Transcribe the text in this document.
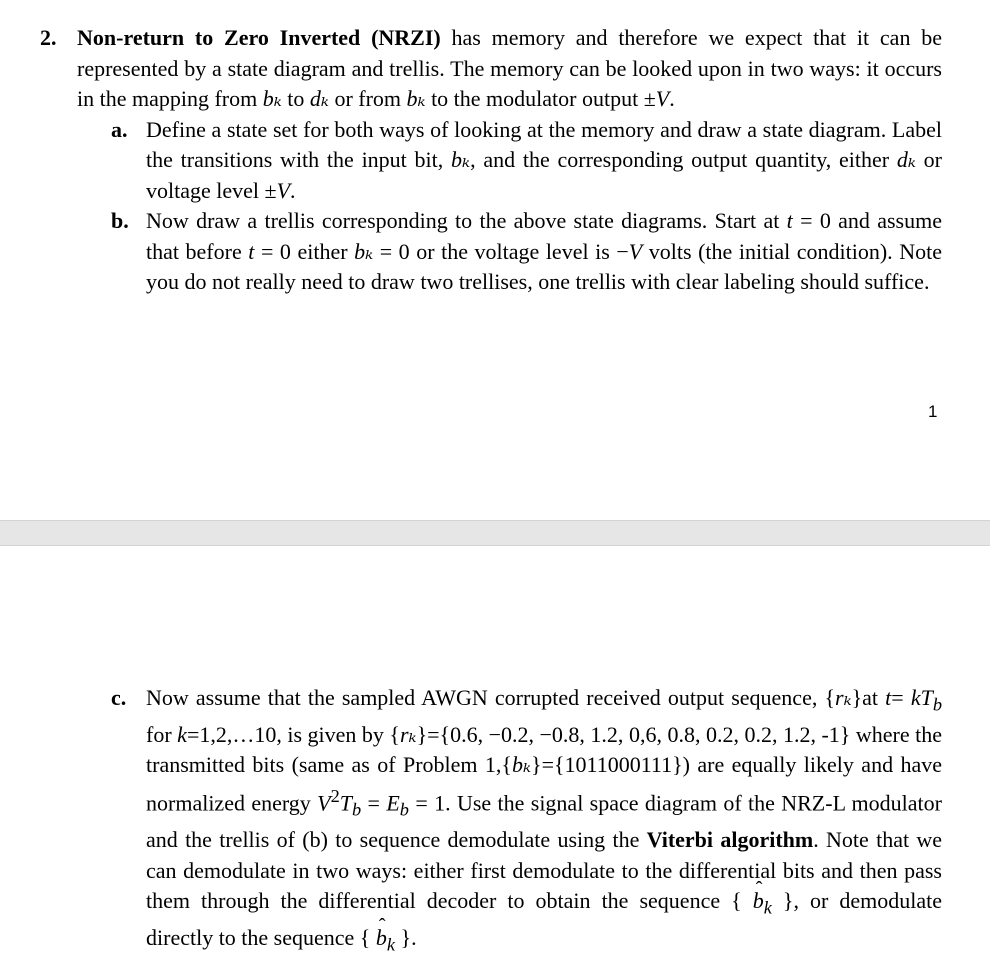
2. Non-return to Zero Inverted (NRZI) has memory and therefore we expect that it can be represented by a state diagram and trellis. The memory can be looked upon in two ways: it occurs in the mapping from bₖ to dₖ or from bₖ to the modulator output ±V.
a. Define a state set for both ways of looking at the memory and draw a state diagram. Label the transitions with the input bit, bₖ, and the corresponding output quantity, either dₖ or voltage level ±V.
b. Now draw a trellis corresponding to the above state diagrams. Start at t = 0 and assume that before t = 0 either bₖ = 0 or the voltage level is −V volts (the initial condition). Note you do not really need to draw two trellises, one trellis with clear labeling should suffice.
1
c. Now assume that the sampled AWGN corrupted received output sequence, {rₖ}at $t= kT_b$ for k=1,2,…10, is given by {rₖ}={0.6, −0.2, −0.8, 1.2, 0,6, 0.8, 0.2, 0.2, 1.2, -1} where the transmitted bits (same as of Problem 1,{bₖ}={1011000111}) are equally likely and have normalized energy $V^2T_b = E_b = 1$. Use the signal space diagram of the NRZ-L modulator and the trellis of (b) to sequence demodulate using the Viterbi algorithm. Note that we can demodulate in two ways: either first demodulate to the differential bits and then pass them through the differential decoder to obtain the sequence { ˆ $b_k$ }, or demodulate directly to the sequence { ˆ $b_k$ }.
